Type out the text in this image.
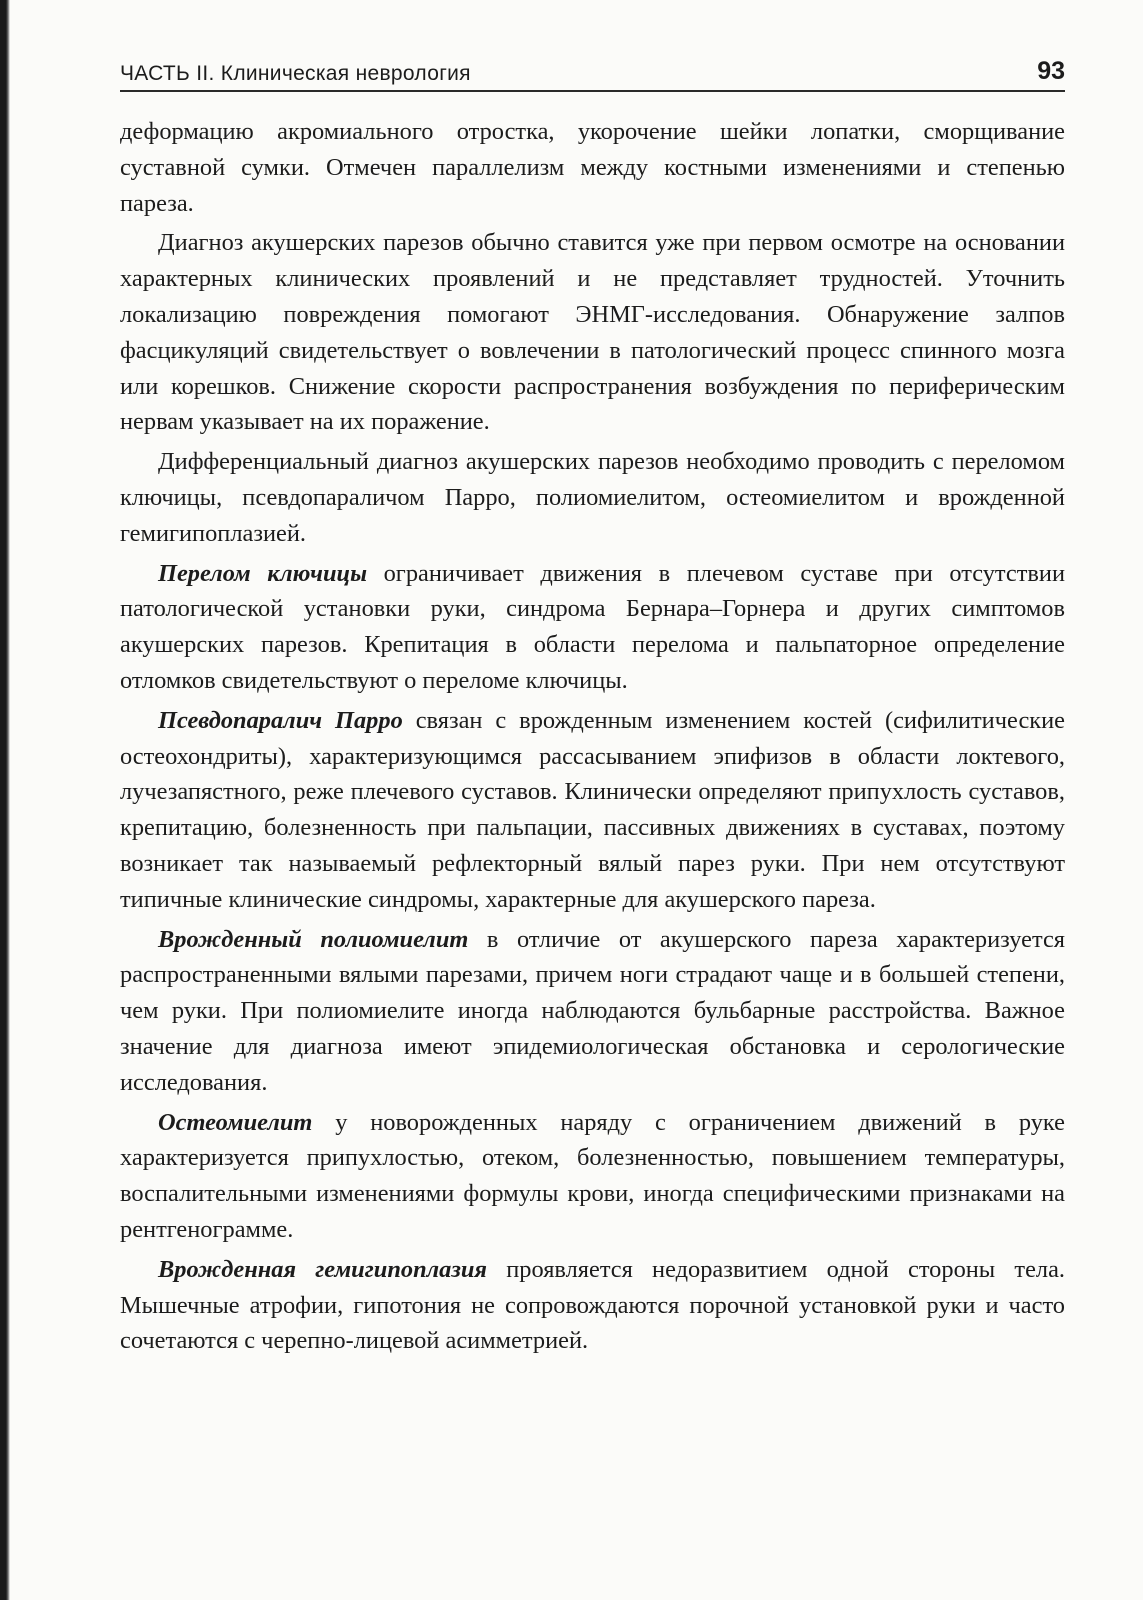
ЧАСТЬ II. Клиническая неврология	93

деформацию акромиального отростка, укорочение шейки лопатки, сморщивание суставной сумки. Отмечен параллелизм между костными изменениями и степенью пареза.

Диагноз акушерских парезов обычно ставится уже при первом осмотре на основании характерных клинических проявлений и не представляет трудностей. Уточнить локализацию повреждения помогают ЭНМГ-исследования. Обнаружение залпов фасцикуляций свидетельствует о вовлечении в патологический процесс спинного мозга или корешков. Снижение скорости распространения возбуждения по периферическим нервам указывает на их поражение.

Дифференциальный диагноз акушерских парезов необходимо проводить с переломом ключицы, псевдопараличом Парро, полиомиелитом, остеомиелитом и врожденной гемигипоплазией.

Перелом ключицы ограничивает движения в плечевом суставе при отсутствии патологической установки руки, синдрома Бернара–Горнера и других симптомов акушерских парезов. Крепитация в области перелома и пальпаторное определение отломков свидетельствуют о переломе ключицы.

Псевдопаралич Парро связан с врожденным изменением костей (сифилитические остеохондриты), характеризующимся рассасыванием эпифизов в области локтевого, лучезапястного, реже плечевого суставов. Клинически определяют припухлость суставов, крепитацию, болезненность при пальпации, пассивных движениях в суставах, поэтому возникает так называемый рефлекторный вялый парез руки. При нем отсутствуют типичные клинические синдромы, характерные для акушерского пареза.

Врожденный полиомиелит в отличие от акушерского пареза характеризуется распространенными вялыми парезами, причем ноги страдают чаще и в большей степени, чем руки. При полиомиелите иногда наблюдаются бульбарные расстройства. Важное значение для диагноза имеют эпидемиологическая обстановка и серологические исследования.

Остеомиелит у новорожденных наряду с ограничением движений в руке характеризуется припухлостью, отеком, болезненностью, повышением температуры, воспалительными изменениями формулы крови, иногда специфическими признаками на рентгенограмме.

Врожденная гемигипоплазия проявляется недоразвитием одной стороны тела. Мышечные атрофии, гипотония не сопровождаются порочной установкой руки и часто сочетаются с черепно-лицевой асимметрией.
